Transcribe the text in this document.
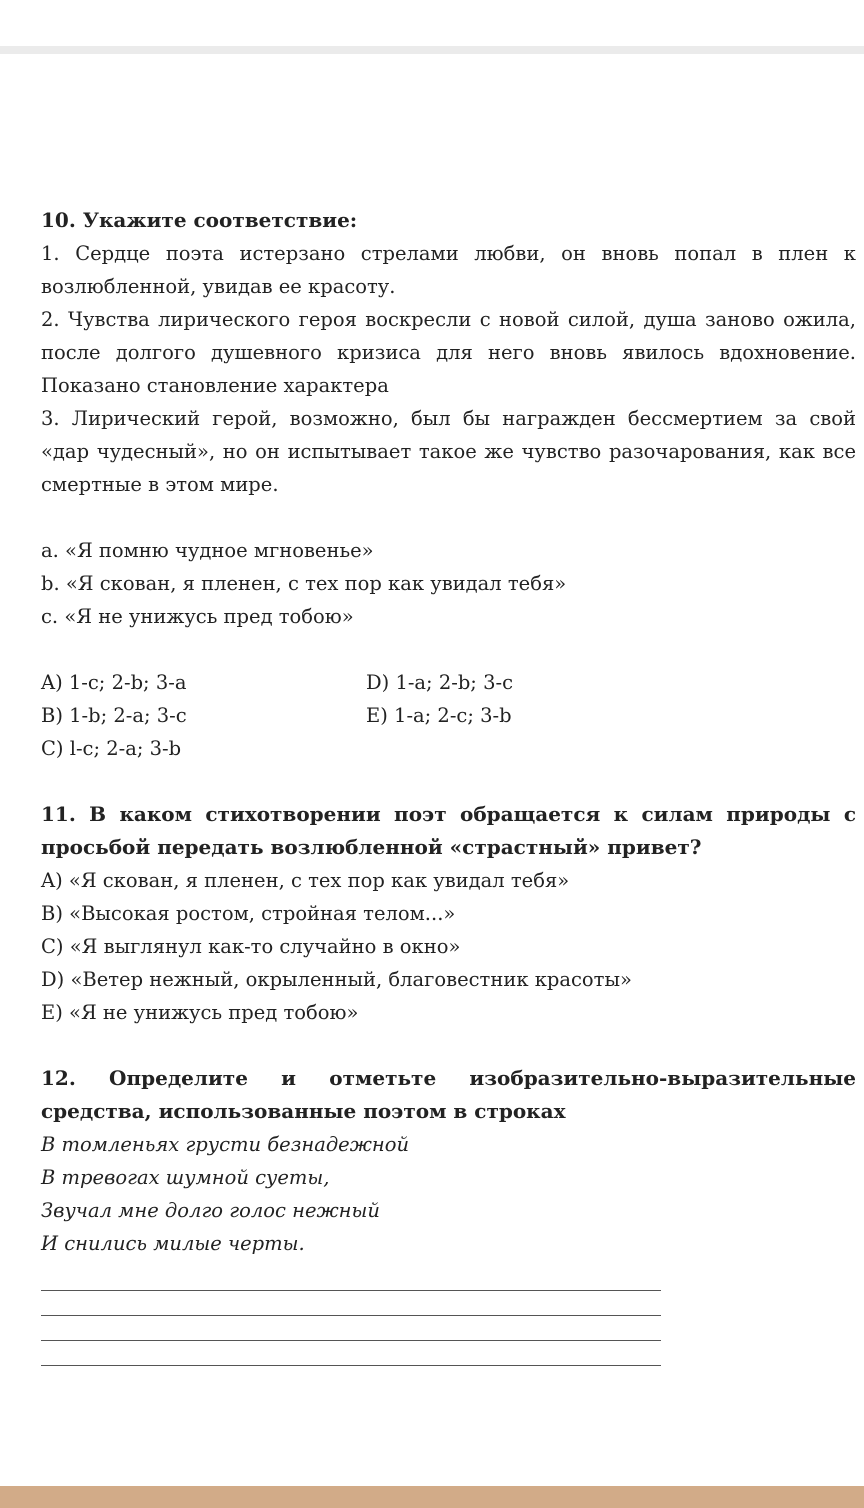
10. Укажите соответствие:
1. Сердце поэта истерзано стрелами любви, он вновь попал в плен к возлюбленной, увидав ее красоту.
2. Чувства лирического героя воскресли с новой силой, душа заново ожила, после долгого душевного кризиса для него вновь явилось вдохновение. Показано становление характера
3. Лирический герой, возможно, был бы награжден бессмертием за свой «дар чудесный», но он испытывает такое же чувство разочарования, как все смертные в этом мире.
a. «Я помню чудное мгновенье»
b. «Я скован, я пленен, с тех пор как увидал тебя»
c. «Я не унижусь пред тобою»
A) 1-c; 2-b; 3-a	D) 1-a; 2-b; 3-c
B) 1-b; 2-a; 3-c	E) 1-a; 2-c; 3-b
C) l-c; 2-a; 3-b
11. В каком стихотворении поэт обращается к силам природы с просьбой передать возлюбленной «страстный» привет?
A) «Я скован, я пленен, с тех пор как увидал тебя»
B) «Высокая ростом, стройная телом...»
C) «Я выглянул как-то случайно в окно»
D) «Ветер нежный, окрыленный, благовестник красоты»
E) «Я не унижусь пред тобою»
12. Определите и отметьте изобразительно-выразительные средства, использованные поэтом в строках
В томленьях грусти безнадежной
В тревогах шумной суеты,
Звучал мне долго голос нежный
И снились милые черты.
